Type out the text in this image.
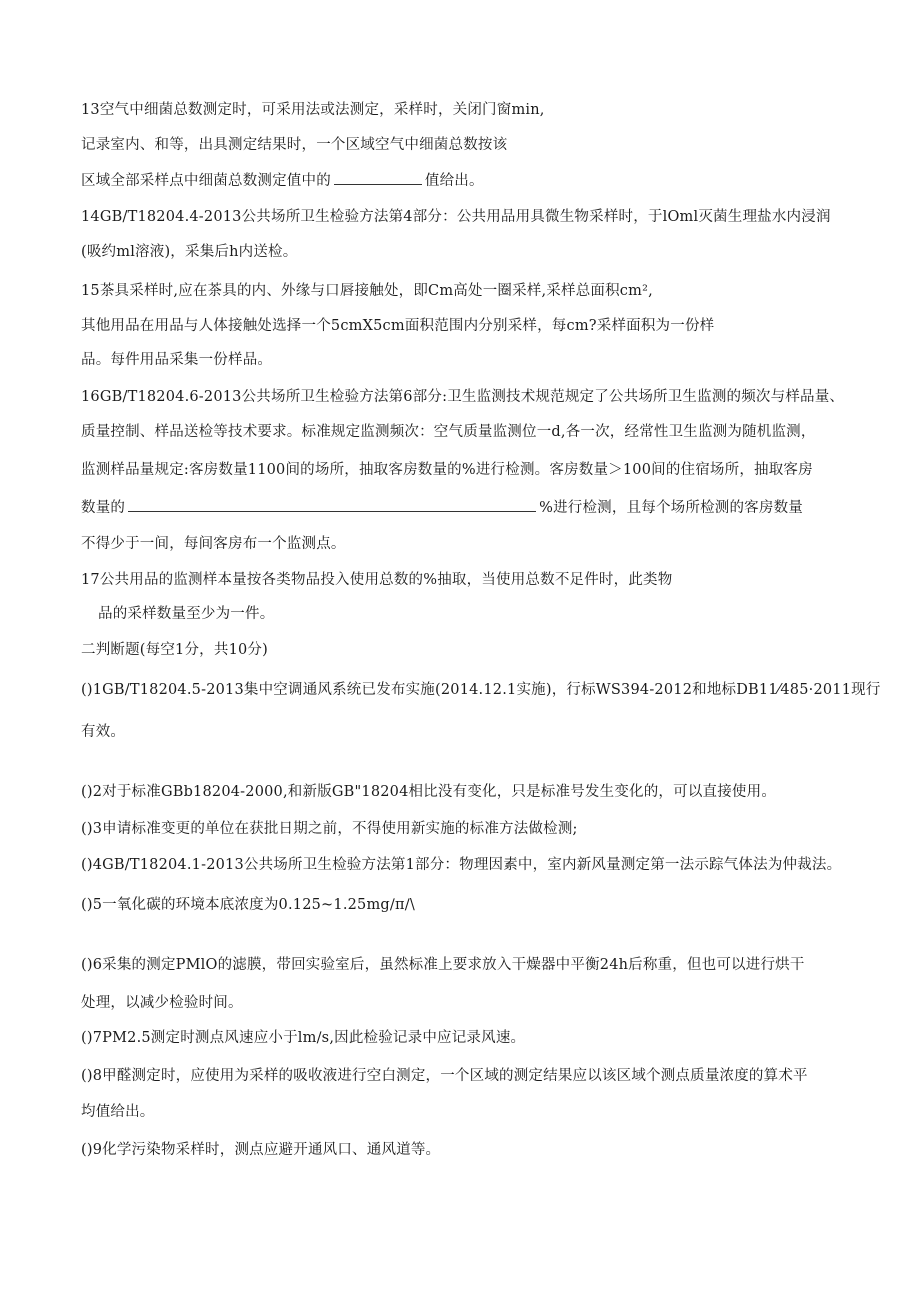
13空气中细菌总数测定时，可采用法或法测定，采样时，关闭门窗min,
记录室内、和等，出具测定结果时，一个区域空气中细菌总数按该
区域全部采样点中细菌总数测定值中的	值给出。
14GB/T18204.4-2013公共场所卫生检验方法第4部分：公共用品用具微生物采样时，于lOml灭菌生理盐水内浸润
(吸约ml溶液)，采集后h内送检。
15茶具采样时,应在茶具的内、外缘与口唇接触处，即Cm高处一圈采样,采样总面积cm²,
其他用品在用品与人体接触处选择一个5cmX5cm面积范围内分别采样，每cm?采样面积为一份样
品。每件用品采集一份样品。
16GB/T18204.6-2013公共场所卫生检验方法第6部分:卫生监测技术规范规定了公共场所卫生监测的频次与样品量、
质量控制、样品送检等技术要求。标准规定监测频次：空气质量监测位一d,各一次，经常性卫生监测为随机监测，
监测样品量规定:客房数量1100间的场所，抽取客房数量的%进行检测。客房数量＞100间的住宿场所，抽取客房
数量的	%进行检测，且每个场所检测的客房数量
不得少于一间，每间客房布一个监测点。
17公共用品的监测样本量按各类物品投入使用总数的%抽取，当使用总数不足件时，此类物
品的采样数量至少为一件。
二判断题(每空1分，共10分)
()1GB/T18204.5-2013集中空调通风系统已发布实施(2014.12.1实施)，行标WS394-2012和地标DB11⁄485·2011现行
有效。
()2对于标准GBb18204-2000,和新版GB"18204相比没有变化，只是标准号发生变化的，可以直接使用。
()3申请标准变更的单位在获批日期之前，不得使用新实施的标准方法做检测;
()4GB/T18204.1-2013公共场所卫生检验方法第1部分：物理因素中，室内新风量测定第一法示踪气体法为仲裁法。
()5一氧化碳的环境本底浓度为0.125~1.25mg∕π∕\
()6采集的测定PMlO的滤膜，带回实验室后，虽然标准上要求放入干燥器中平衡24h后称重，但也可以进行烘干
处理，以减少检验时间。
()7PM2.5测定时测点风速应小于lm∕s,因此检验记录中应记录风速。
()8甲醛测定时，应使用为采样的吸收液进行空白测定，一个区域的测定结果应以该区域个测点质量浓度的算术平
均值给出。
()9化学污染物采样时，测点应避开通风口、通风道等。
